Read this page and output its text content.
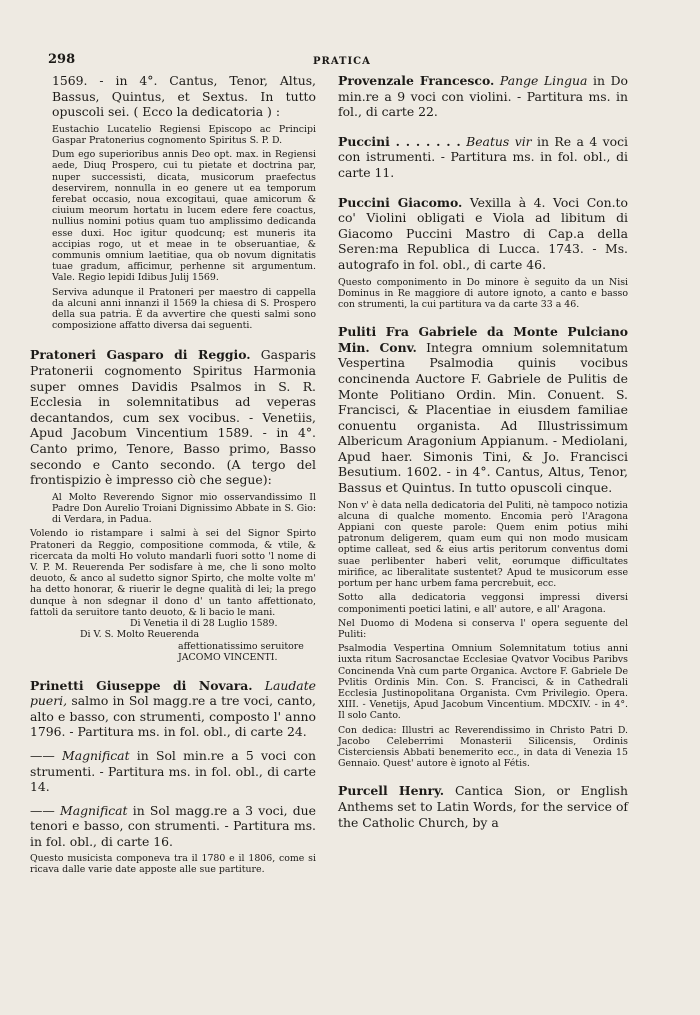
298	PRATICA

1569. - in 4°. Cantus, Tenor, Altus, Bassus, Quintus, et Sextus. In tutto opuscoli sei. ( Ecco la dedicatoria ) :

Eustachio Lucatelio Regiensi Episcopo ac Principi Gaspar Pratonerius cognomento Spiritus S. P. D.

Dum ego superioribus annis Deo opt. max. in Regiensi aede, Diuq Prospero, cui tu pietate et doctrina par, nuper successisti, dicata, musicorum praefectus deservirem, nonnulla in eo genere ut ea temporum ferebat occasio, noua excogitaui, quae amicorum & ciuium meorum hortatu in lucem edere fere coactus, nullius nomini potius quam tuo amplissimo dedicanda esse duxi. Hoc igitur quodcunq; est muneris ita accipias rogo, ut et meae in te obseruantiae, & communis omnium laetitiae, qua ob novum dignitatis tuae gradum, afficimur, perhenne sit argumentum. Vale. Regio lepidi Idibus Julij 1569.

Serviva adunque il Pratoneri per maestro di cappella da alcuni anni innanzi il 1569 la chiesa di S. Prospero della sua patria. È da avvertire che questi salmi sono composizione affatto diversa dai seguenti.

Pratoneri Gasparo di Reggio. Gasparis Pratonerii cognomento Spiritus Harmonia super omnes Davidis Psalmos in S. R. Ecclesia in solemnitatibus ad veperas decantandos, cum sex vocibus. - Venetiis, Apud Jacobum Vincentium 1589. - in 4°. Canto primo, Tenore, Basso primo, Basso secondo e Canto secondo. (A tergo del frontispizio è impresso ciò che segue):

Al Molto Reverendo Signor mio osservandissimo Il Padre Don Aurelio Troiani Dignissimo Abbate in S. Gio: di Verdara, in Padua.

Volendo io ristampare i salmi à sei del Signor Spirto Pratoneri da Reggio, compositione commoda, & vtile, & ricercata da molti Ho voluto mandarli fuori sotto 'l nome di V. P. M. Reuerenda Per sodisfare à me, che li sono molto deuoto, & anco al sudetto signor Spirto, che molte volte m' ha detto honorar, & riuerir le degne qualità di lei; la prego dunque à non sdegnar il dono d' un tanto affettionato, fattoli da seruitore tanto deuoto, & li bacio le mani.

Di Venetia il di 28 Luglio 1589.
Di V. S. Molto Reuerenda
affettionatissimo seruitore
JACOMO VINCENTI.

Prinetti Giuseppe di Novara. Laudate pueri, salmo in Sol magg.re a tre voci, canto, alto e basso, con strumenti, composto l' anno 1796. - Partitura ms. in fol. obl., di carte 24.

—— Magnificat in Sol min.re a 5 voci con strumenti. - Partitura ms. in fol. obl., di carte 14.

—— Magnificat in Sol magg.re a 3 voci, due tenori e basso, con strumenti. - Partitura ms. in fol. obl., di carte 16.

Questo musicista componeva tra il 1780 e il 1806, come si ricava dalle varie date apposte alle sue partiture.

Provenzale Francesco. Pange Lingua in Do min.re a 9 voci con violini. - Partitura ms. in fol., di carte 22.

Puccini . . . . . . . Beatus vir in Re a 4 voci con istrumenti. - Partitura ms. in fol. obl., di carte 11.

Puccini Giacomo. Vexilla à 4. Voci Con.to co' Violini obligati e Viola ad libitum di Giacomo Puccini Mastro di Cap.a della Seren:ma Republica di Lucca. 1743. - Ms. autografo in fol. obl., di carte 46.

Questo componimento in Do minore è seguito da un Nisi Dominus in Re maggiore di autore ignoto, a canto e basso con strumenti, la cui partitura va da carte 33 a 46.

Puliti Fra Gabriele da Monte Pulciano Min. Conv. Integra omnium solemnitatum Vespertina Psalmodia quinis vocibus concinenda Auctore F. Gabriele de Pulitis de Monte Politiano Ordin. Min. Conuent. S. Francisci, & Placentiae in eiusdem familiae conuentu organista. Ad Illustrissimum Albericum Aragonium Appianum. - Mediolani, Apud haer. Simonis Tini, & Jo. Francisci Besutium. 1602. - in 4°. Cantus, Altus, Tenor, Bassus et Quintus. In tutto opuscoli cinque.

Non v' è data nella dedicatoria del Puliti, nè tampoco notizia alcuna di qualche momento. Encomia però l'Aragona Appiani con queste parole: Quem enim potius mihi patronum deligerem, quam eum qui non modo musicam optime calleat, sed & eius artis peritorum conventus domi suae perlibenter haberi velit, eorumque difficultates mirifice, ac liberalitate sustentet? Apud te musicorum esse portum per hanc urbem fama percrebuit, ecc.

Sotto alla dedicatoria veggonsi impressi diversi componimenti poetici latini, e all' autore, e all' Aragona.

Nel Duomo di Modena si conserva l' opera seguente del Puliti:

Psalmodia Vespertina Omnium Solemnitatum totius anni iuxta ritum Sacrosanctae Ecclesiae Qvatvor Vocibus Paribvs Concinenda Vnà cum parte Organica. Avctore F. Gabriele De Pvlitis Ordinis Min. Con. S. Francisci, & in Cathedrali Ecclesia Justinopolitana Organista. Cvm Privilegio. Opera. XIII. - Venetijs, Apud Jacobum Vincentium. MDCXIV. - in 4°. Il solo Canto.

Con dedica: Illustri ac Reverendissimo in Christo Patri D. Jacobo Celeberrimi Monasterii Silicensis, Ordinis Cisterciensis Abbati benemerito ecc., in data di Venezia 15 Gennaio. Quest' autore è ignoto al Fétis.

Purcell Henry. Cantica Sion, or English Anthems set to Latin Words, for the service of the Catholic Church, by a
